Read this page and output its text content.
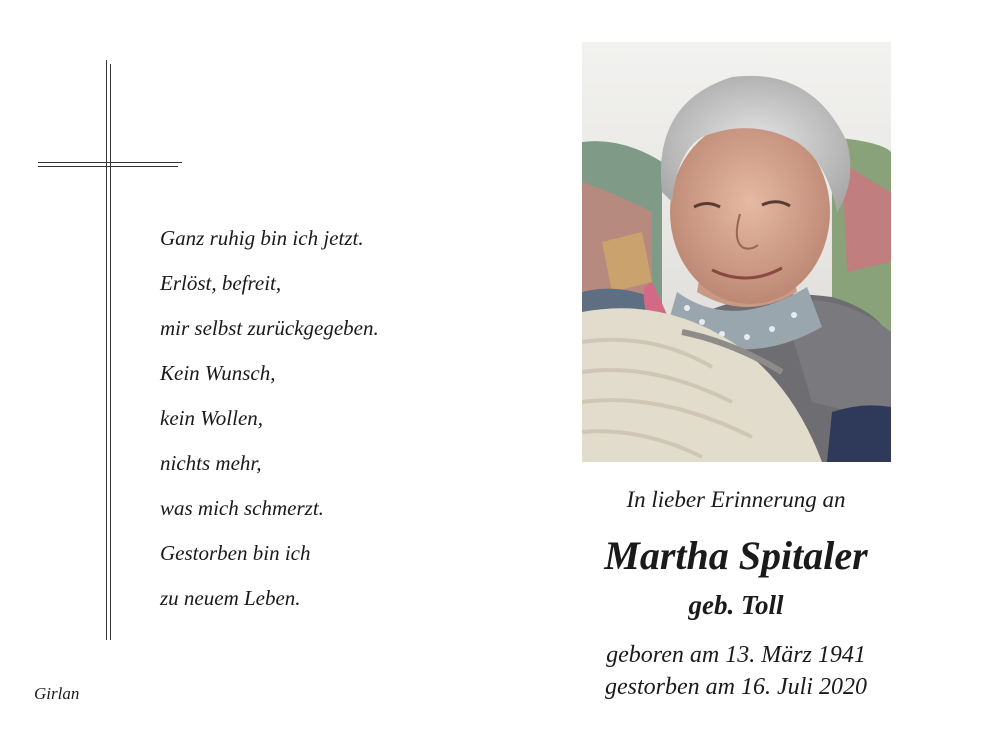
Ganz ruhig bin ich jetzt.
Erlöst, befreit,
mir selbst zurückgegeben.
Kein Wunsch,
kein Wollen,
nichts mehr,
was mich schmerzt.
Gestorben bin ich
zu neuem Leben.
Girlan
In lieber Erinnerung an
Martha Spitaler
geb. Toll
geboren am 13. März 1941
gestorben am 16. Juli 2020
